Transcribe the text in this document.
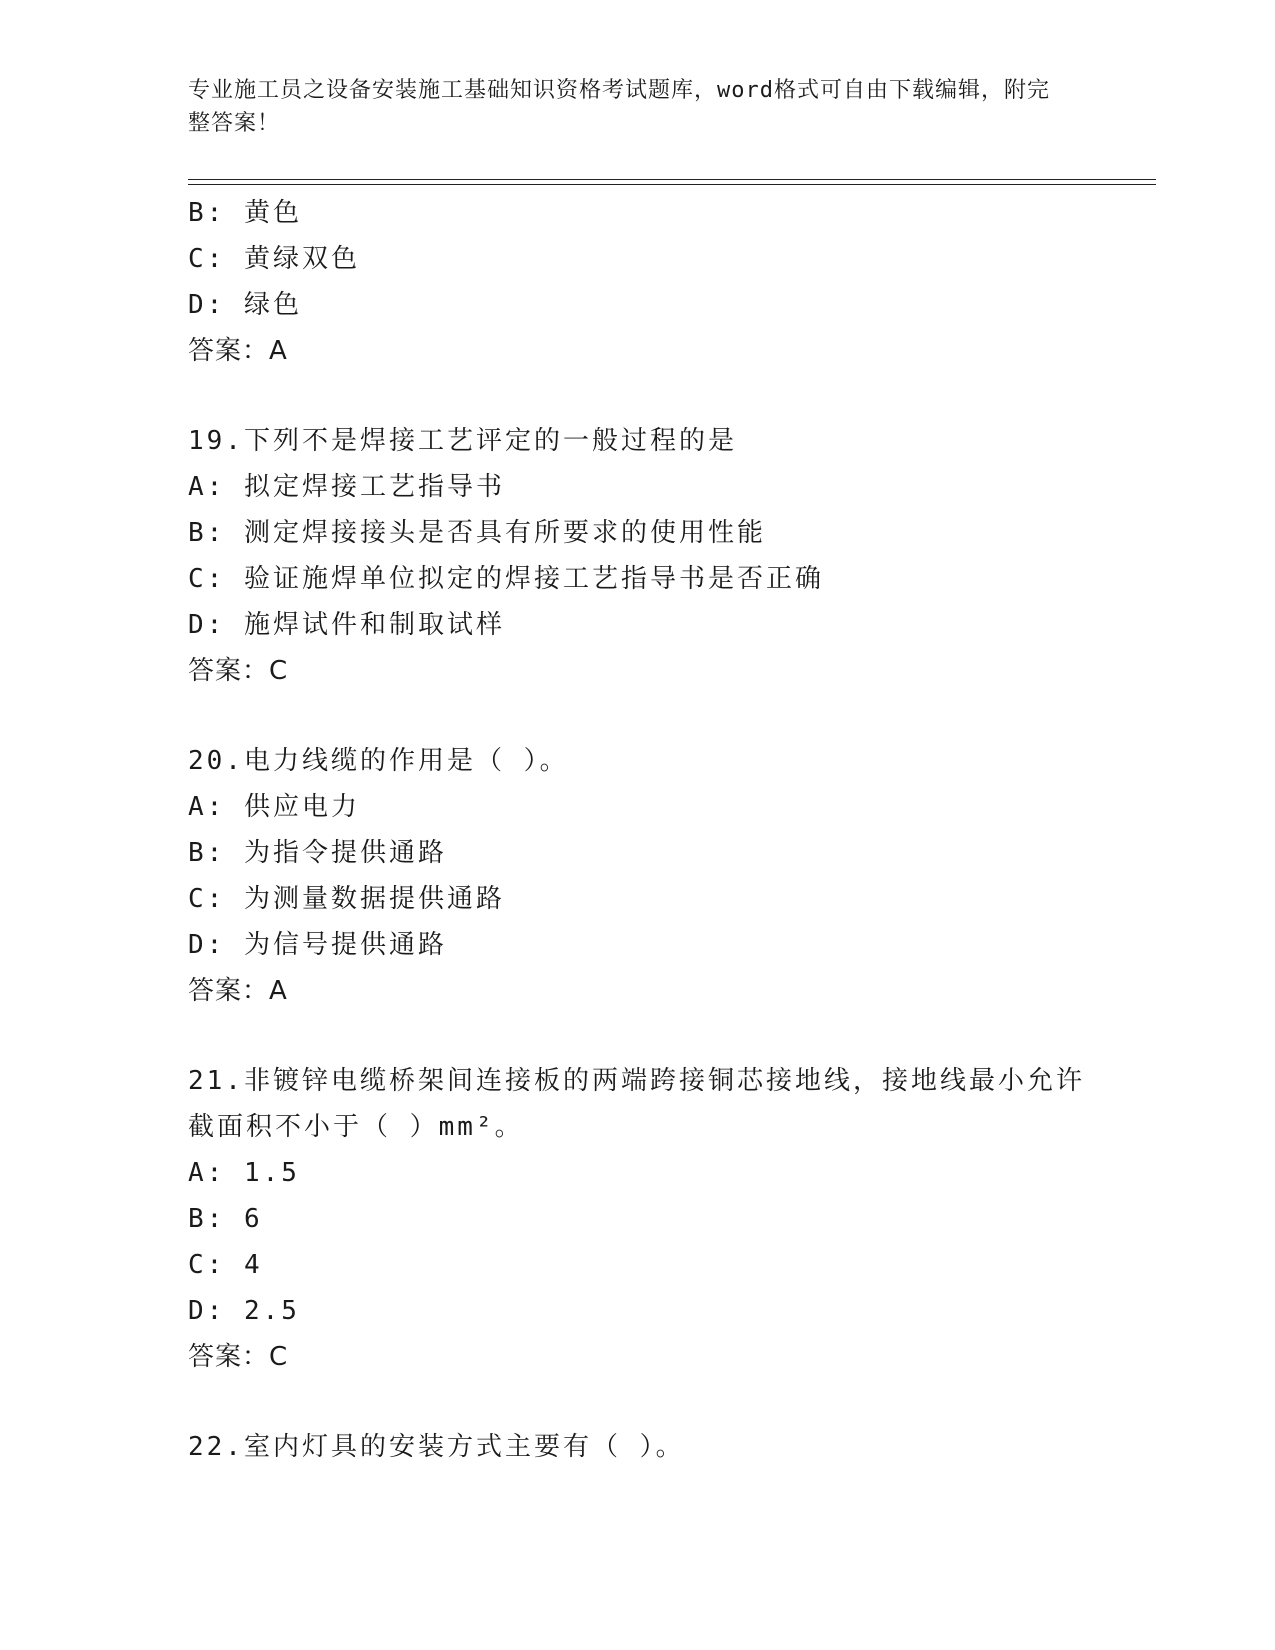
专业施工员之设备安装施工基础知识资格考试题库，word格式可自由下载编辑，附完整答案！
B: 黄色
C: 黄绿双色
D: 绿色
答案：A
19.下列不是焊接工艺评定的一般过程的是
A: 拟定焊接工艺指导书
B: 测定焊接接头是否具有所要求的使用性能
C: 验证施焊单位拟定的焊接工艺指导书是否正确
D: 施焊试件和制取试样
答案：C
20.电力线缆的作用是（ ）。
A: 供应电力
B: 为指令提供通路
C: 为测量数据提供通路
D: 为信号提供通路
答案：A
21.非镀锌电缆桥架间连接板的两端跨接铜芯接地线，接地线最小允许截面积不小于（ ）mm²。
A: 1.5
B: 6
C: 4
D: 2.5
答案：C
22.室内灯具的安装方式主要有（ ）。
